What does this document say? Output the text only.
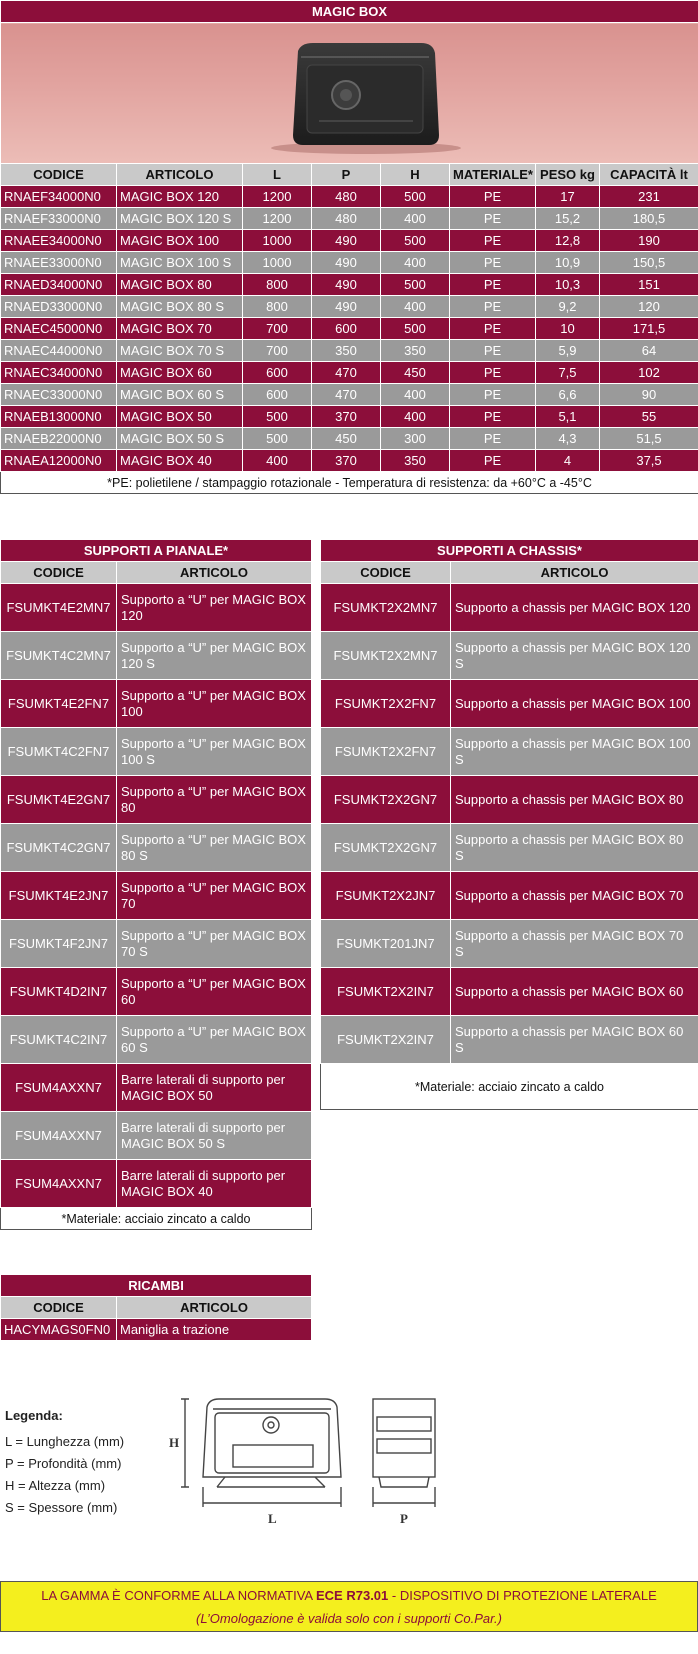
MAGIC BOX							

CODICE	ARTICOLO	L	P	H	MATERIALE*	PESO kg	CAPACITÀ lt
RNAEF34000N0	MAGIC BOX 120	1200	480	500	PE	17	231
RNAEF33000N0	MAGIC BOX 120 S	1200	480	400	PE	15,2	180,5
RNAEE34000N0	MAGIC BOX 100	1000	490	500	PE	12,8	190
RNAEE33000N0	MAGIC BOX 100 S	1000	490	400	PE	10,9	150,5
RNAED34000N0	MAGIC BOX 80	800	490	500	PE	10,3	151
RNAED33000N0	MAGIC BOX 80 S	800	490	400	PE	9,2	120
RNAEC45000N0	MAGIC BOX 70	700	600	500	PE	10	171,5
RNAEC44000N0	MAGIC BOX 70 S	700	350	350	PE	5,9	64
RNAEC34000N0	MAGIC BOX 60	600	470	450	PE	7,5	102
RNAEC33000N0	MAGIC BOX 60 S	600	470	400	PE	6,6	90
RNAEB13000N0	MAGIC BOX 50	500	370	400	PE	5,1	55
RNAEB22000N0	MAGIC BOX 50 S	500	450	300	PE	4,3	51,5
RNAEA12000N0	MAGIC BOX 40	400	370	350	PE	4	37,5
*PE: polietilene / stampaggio rotazionale - Temperatura di resistenza: da +60°C a -45°C							
SUPPORTI A PIANALE*	
CODICE	ARTICOLO
FSUMKT4E2MN7	Supporto a “U” per MAGIC BOX 120
FSUMKT4C2MN7	Supporto a “U” per MAGIC BOX 120 S
FSUMKT4E2FN7	Supporto a “U” per MAGIC BOX 100
FSUMKT4C2FN7	Supporto a “U” per MAGIC BOX 100 S
FSUMKT4E2GN7	Supporto a “U” per MAGIC BOX 80
FSUMKT4C2GN7	Supporto a “U” per MAGIC BOX 80 S
FSUMKT4E2JN7	Supporto a “U” per MAGIC BOX 70
FSUMKT4F2JN7	Supporto a “U” per MAGIC BOX 70 S
FSUMKT4D2IN7	Supporto a “U” per MAGIC BOX 60
FSUMKT4C2IN7	Supporto a “U” per MAGIC BOX 60 S
FSUM4AXXN7	Barre laterali di supporto per MAGIC BOX 50
FSUM4AXXN7	Barre laterali di supporto per MAGIC BOX 50 S
FSUM4AXXN7	Barre laterali di supporto per MAGIC BOX 40
*Materiale: acciaio zincato a caldo	
SUPPORTI A CHASSIS*	
CODICE	ARTICOLO
FSUMKT2X2MN7	Supporto a chassis per MAGIC BOX 120
FSUMKT2X2MN7	Supporto a chassis per MAGIC BOX 120 S
FSUMKT2X2FN7	Supporto a chassis per MAGIC BOX 100
FSUMKT2X2FN7	Supporto a chassis per MAGIC BOX 100 S
FSUMKT2X2GN7	Supporto a chassis per MAGIC BOX 80
FSUMKT2X2GN7	Supporto a chassis per MAGIC BOX 80 S
FSUMKT2X2JN7	Supporto a chassis per MAGIC BOX 70
FSUMKT201JN7	Supporto a chassis per MAGIC BOX 70 S
FSUMKT2X2IN7	Supporto a chassis per MAGIC BOX 60
FSUMKT2X2IN7	Supporto a chassis per MAGIC BOX 60 S
*Materiale: acciaio zincato a caldo	
RICAMBI	
CODICE	ARTICOLO
HACYMAGS0FN0	Maniglia a trazione
Legenda:
L = Lunghezza (mm)
P = Profondità (mm)
H = Altezza (mm)
S = Spessore (mm)
H
L	P
LA GAMMA È CONFORME ALLA NORMATIVA ECE R73.01 - DISPOSITIVO DI PROTEZIONE LATERALE
(L’Omologazione è valida solo con i supporti Co.Par.)
